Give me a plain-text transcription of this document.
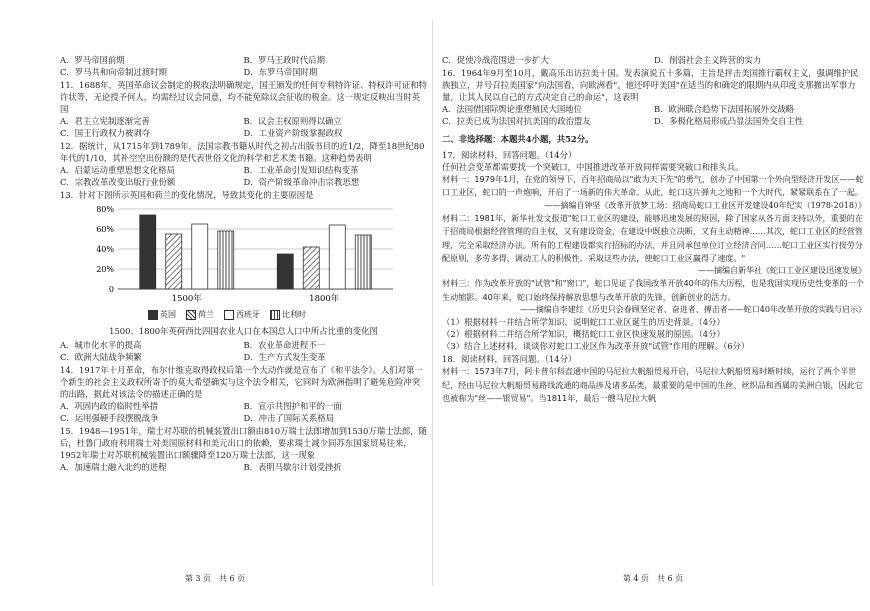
A．罗马帝国前期	B．罗马王政时代后期
C．罗马共和向帝制过渡时期	D．东罗马帝国时期

11．1688年，英国革命议会制定的税收法明确规定，国王颁发的任何专利特许证、特权许可证和特许状等，无论授予何人，均需经过议会同意，均不能免除议会征收的税金。这一规定反映出当时英国

A．君主立宪制逐渐完善	B．议会主权原则得以确立
C．国王行政权力被剥夺	D．工业资产阶级掌握政权

12．据统计，从1715年到1789年，法国宗教书籍从时代之初占出版书目的近1/2，降至18世纪80年代的1/10，其补空空出份额的是代表世俗文化的科学和艺术类书籍。这种趋势表明

A．启蒙运动重塑思想文化格局	B．工业革命引发知识结构变革
C．宗教改革改变出版行业份额	D．资产阶级革命冲击宗教思想

13．针对下图所示英国和荷兰的变化情况，导致其变化的主要原因是

0
20%
40%
60%
80%
1500年	1800年
英国	荷兰	西班牙	比利时
1500、1800年英荷西比四国农业人口在本国总人口中所占比重的变化图
A．城市化水平的提高	B．农业革命进程不一
C．欧洲大陆战争频繁	D．生产方式发生变革

14．1917年十月革命，布尔什维克取得政权后第一个大动作就是宣布了《和平法令》。人们对第一个新生的社会主义政权所寄予的莫大希望确实与这个法令相关，它同时为欧洲指明了避免危险冲突的出路，据此对该法令的描述正确的是

A．巩固内政的临时性举措	B．宣示共图护和平的一面
C．运用强硬手段摆脱战争	D．冲击了国际关系格局

15．1948—1951年，瑞士对苏联的机械装置出口额由810万瑞士法郎增加到1530万瑞士法郎，随后，杜鲁门政府利用瑞士对美国原材料和美元出口的依赖，要求瑞士减少同苏东国家贸易往来，1952年瑞士对苏联机械装置出口额骤降至120万瑞士法郎，这一现象

A．加速瑞士融入北约的进程	B．表明马歇尔计划受挫折
第 3 页　共 6 页
C．促使冷战范围进一步扩大	D．削弱社会主义阵营的实力

16．1964年9月至10月，戴高乐出访拉美十国。发表演说五十多篇，主旨是抨击美国推行霸权主义，强调维护民族独立，并号召拉美国家"向法国看，向欧洲看"。他还呼吁美国"在适当的和确定的限期内从印度支那撤出军事力量，让其人民以自己的方式决定自己的命运"，这表明

A．法国借国际舆论重塑殖民大国地位	B．欧洲联合趋势下法国拓展外交战略
C．拉美已成为法国对抗美国的政治盟友	D．多极化格局形成凸显法国外交自主性
二、非选择题：本题共4小题，共52分。

17．阅读材料，回答问题。（14分）

任何社会变革都需要找一个突破口，中国推进改革开放同样需要突破口和排头兵。

材料一：1979年1月，在党的领导下，百年招商局以"敢为天下先"的勇气，创办了中国第一个外向型经济开发区——蛇口工业区，蛇口的一声炮响，开启了一场新的伟大革命。从此，蛇口这片弹丸之地和一个大时代，紧紧联系在了一起。

——摘编自钟坚《改革开放梦工场：招商局蛇口工业区开发建设40年纪实（1978-2018）》

材料二：1981年，新华社发文报道"蛇口工业区的建设，能够迅速发展的原因，除了国家从各方面支持以外，重要的在于招商局根据经营管理的自主权，又有建设资金，在建设中既独立决断，又有主动精神……其次，蛇口工业区的经营管理，完全采取经济办法。所有的工程建设都实行招标的办法，并且同承包单位订立经济合同……蛇口工业区实行按劳分配原则，多劳多得，调动工人的积极性。采取这些办法，使蛇口工业区赢得了速度。"

——摘编自新华社《蛇口工业区建设迅速发展》

材料三：作为改革开放的"试管"和"窗口"，蛇口见证了我国改革开放40年的伟大历程，也是我国实现历史性变革的一个生动缩影。40年来，蛇口始终保持解放思想与改革开放的先锋，创新创业的活力。

——摘编自李建红《历史只会眷顾坚定者、奋进者、搏击者——蛇口40年改革开放的实践与启示》

（1）根据材料一并结合所学知识，说明蛇口工业区诞生的历史背景。（4分）

（2）根据材料二并结合所学知识，概括蛇口工业区快速发展的原因。（4分）

（3）结合上述材料，谈谈你对蛇口工业区作为改革开放"试管"作用的理解。（6分）

18．阅读材料，回答问题。（14分）

材料一：1573年7月，阿卡普尔科直通中国的马尼拉大帆船贸易开启，马尼拉大帆船贸易时断时续，运行了两个半世纪，经由马尼拉大帆船贸易路线流通的商品涉及诸多品类，最重要的是中国的生丝、丝织品和西属的美洲白银，因此它也被称为"丝——银贸易"。当1811年，最后一艘马尼拉大帆

第 4 页　共 6 页
